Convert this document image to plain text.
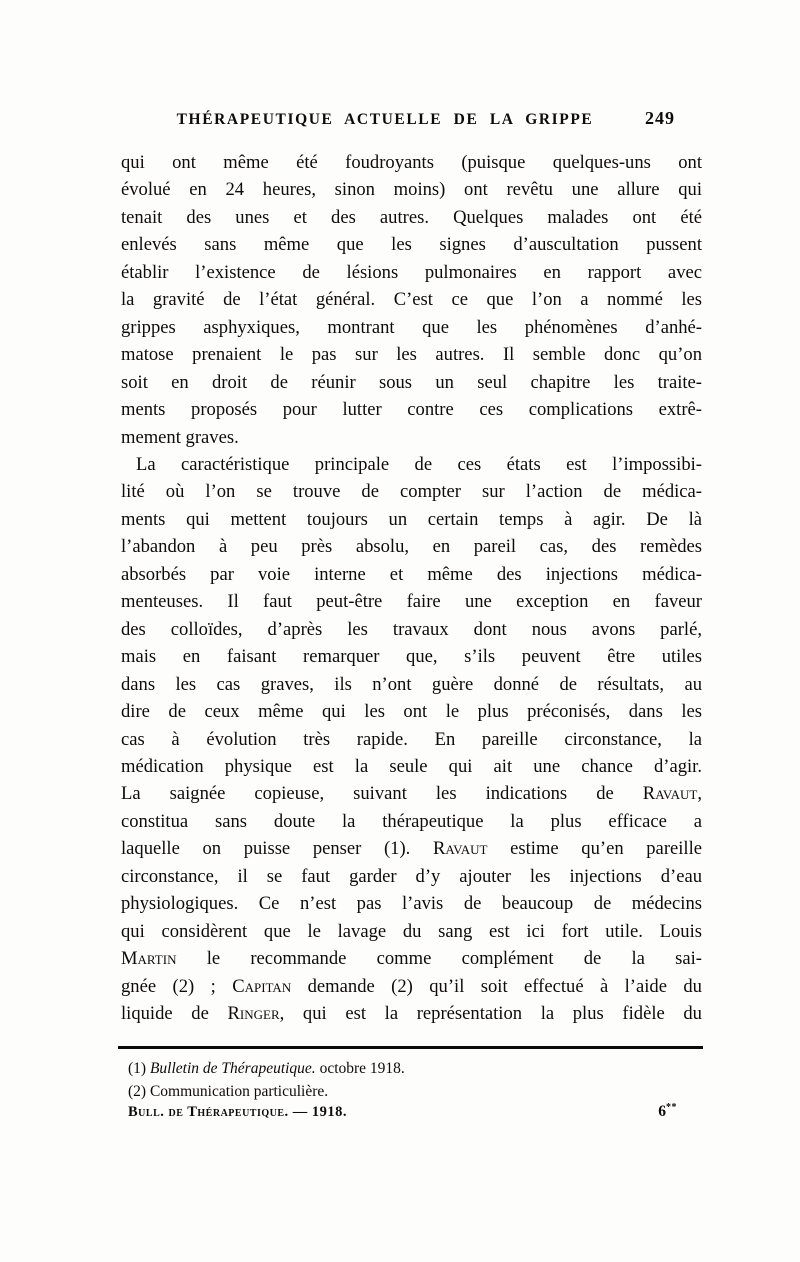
THÉRAPEUTIQUE ACTUELLE DE LA GRIPPE	249
qui ont même été foudroyants (puisque quelques-uns ont
évolué en 24 heures, sinon moins) ont revêtu une allure qui
tenait des unes et des autres. Quelques malades ont été
enlevés sans même que les signes d’auscultation pussent
établir l’existence de lésions pulmonaires en rapport avec
la gravité de l’état général. C’est ce que l’on a nommé les
grippes asphyxiques, montrant que les phénomènes d’anhé-
matose prenaient le pas sur les autres. Il semble donc qu’on
soit en droit de réunir sous un seul chapitre les traite-
ments proposés pour lutter contre ces complications extrê-
mement graves.
La caractéristique principale de ces états est l’impossibi-
lité où l’on se trouve de compter sur l’action de médica-
ments qui mettent toujours un certain temps à agir. De là
l’abandon à peu près absolu, en pareil cas, des remèdes
absorbés par voie interne et même des injections médica-
menteuses. Il faut peut-être faire une exception en faveur
des colloïdes, d’après les travaux dont nous avons parlé,
mais en faisant remarquer que, s’ils peuvent être utiles
dans les cas graves, ils n’ont guère donné de résultats, au
dire de ceux même qui les ont le plus préconisés, dans les
cas à évolution très rapide. En pareille circonstance, la
médication physique est la seule qui ait une chance d’agir.
La saignée copieuse, suivant les indications de Ravaut,
constitua sans doute la thérapeutique la plus efficace a
laquelle on puisse penser (1). Ravaut estime qu’en pareille
circonstance, il se faut garder d’y ajouter les injections d’eau
physiologiques. Ce n’est pas l’avis de beaucoup de médecins
qui considèrent que le lavage du sang est ici fort utile. Louis
Martin le recommande comme complément de la sai-
gnée (2) ; Capitan demande (2) qu’il soit effectué à l’aide du
liquide de Ringer, qui est la représentation la plus fidèle du
(1) Bulletin de Thérapeutique. octobre 1918.
(2) Communication particulière.
Bull. de Thérapeutique. — 1918.	6**
